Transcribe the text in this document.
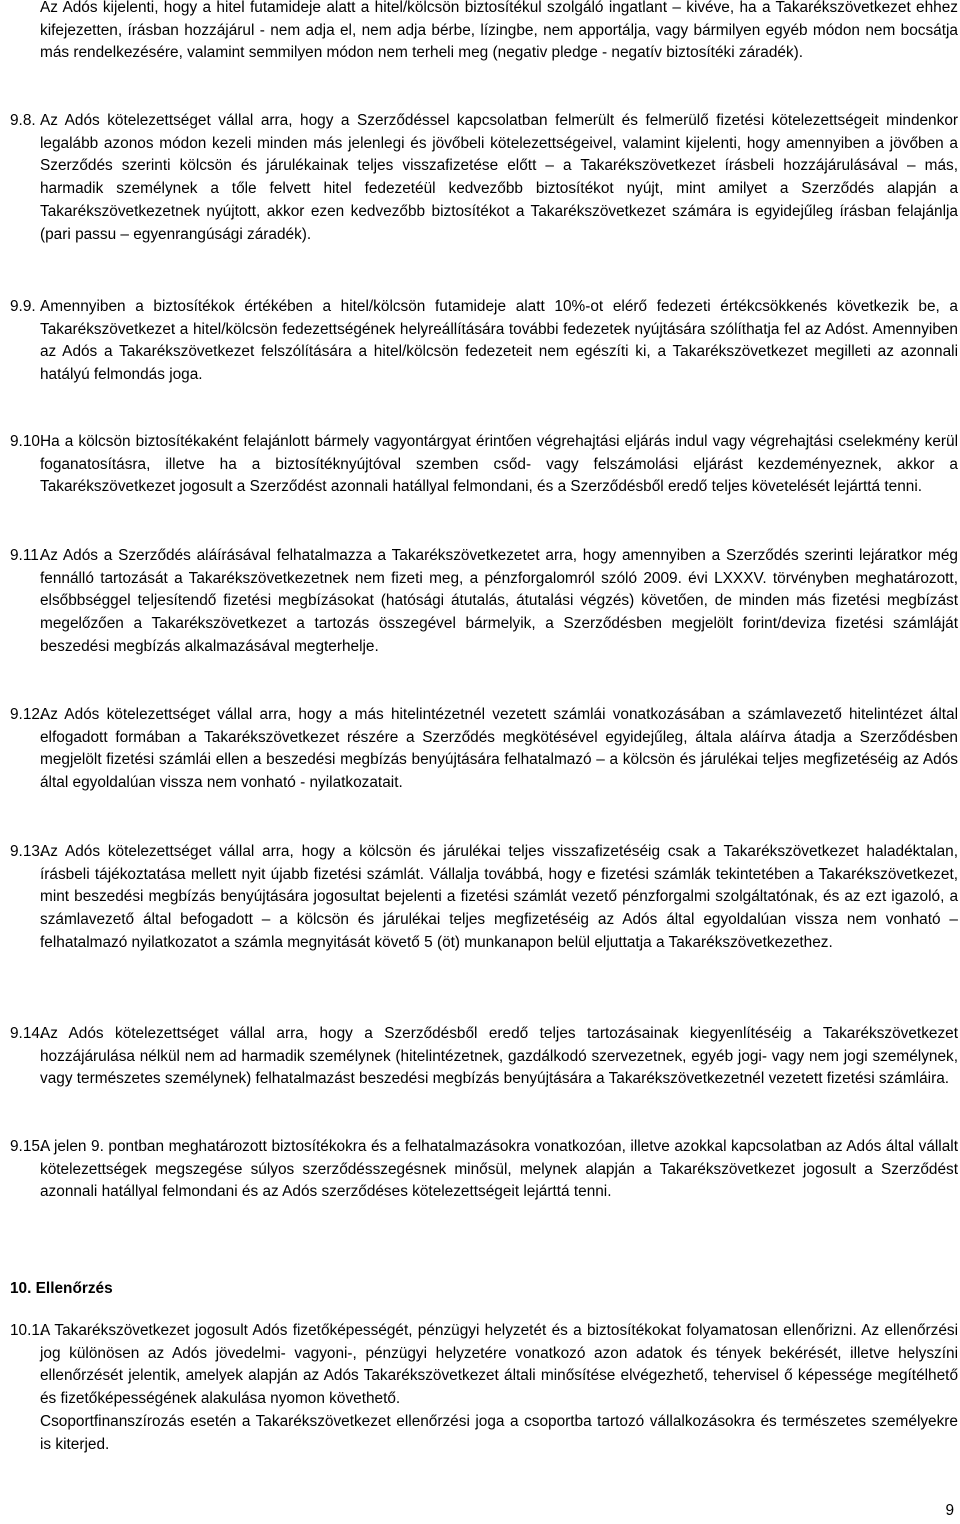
Az Adós kijelenti, hogy a hitel futamideje alatt a hitel/kölcsön biztosítékul szolgáló ingatlant – kivéve, ha a Takarékszövetkezet ehhez kifejezetten, írásban hozzájárul - nem adja el, nem adja bérbe, lízingbe, nem apportálja, vagy bármilyen egyéb módon nem bocsátja más rendelkezésére, valamint semmilyen módon nem terheli meg (negativ pledge - negatív biztosítéki záradék).

9.8. Az Adós kötelezettséget vállal arra, hogy a Szerződéssel kapcsolatban felmerült és felmerülő fizetési kötelezettségeit mindenkor legalább azonos módon kezeli minden más jelenlegi és jövőbeli kötelezettségeivel, valamint kijelenti, hogy amennyiben a jövőben a Szerződés szerinti kölcsön és járulékainak teljes visszafizetése előtt – a Takarékszövetkezet írásbeli hozzájárulásával – más, harmadik személynek a tőle felvett hitel fedezetéül kedvezőbb biztosítékot nyújt, mint amilyet a Szerződés alapján a Takarékszövetkezetnek nyújtott, akkor ezen kedvezőbb biztosítékot a Takarékszövetkezet számára is egyidejűleg írásban felajánlja (pari passu – egyenrangúsági záradék).
9.9. Amennyiben a biztosítékok értékében a hitel/kölcsön futamideje alatt 10%-ot elérő fedezeti értékcsökkenés következik be, a Takarékszövetkezet a hitel/kölcsön fedezettségének helyreállítására további fedezetek nyújtására szólíthatja fel az Adóst. Amennyiben az Adós a Takarékszövetkezet felszólítására a hitel/kölcsön fedezeteit nem egészíti ki, a Takarékszövetkezet megilleti az azonnali hatályú felmondás joga.
9.10.
Ha a kölcsön biztosítékaként felajánlott bármely vagyontárgyat érintően végrehajtási eljárás indul vagy végrehajtási cselekmény kerül foganatosításra, illetve ha a biztosítéknyújtóval szemben csőd- vagy felszámolási eljárást kezdeményeznek, akkor a Takarékszövetkezet jogosult a Szerződést azonnali hatállyal felmondani, és a Szerződésből eredő teljes követelését lejárttá tenni.
9.11.
Az Adós a Szerződés aláírásával felhatalmazza a Takarékszövetkezetet arra, hogy amennyiben a Szerződés szerinti lejáratkor még fennálló tartozását a Takarékszövetkezetnek nem fizeti meg, a pénzforgalomról szóló 2009. évi LXXXV. törvényben meghatározott, elsőbbséggel teljesítendő fizetési megbízásokat (hatósági átutalás, átutalási végzés) követően, de minden más fizetési megbízást megelőzően a Takarékszövetkezet a tartozás összegével bármelyik, a Szerződésben megjelölt forint/deviza fizetési számláját beszedési megbízás alkalmazásával megterhelje.
9.12.
Az Adós kötelezettséget vállal arra, hogy a más hitelintézetnél vezetett számlái vonatkozásában a számlavezető hitelintézet által elfogadott formában a Takarékszövetkezet részére a Szerződés megkötésével egyidejűleg, általa aláírva átadja a Szerződésben megjelölt fizetési számlái ellen a beszedési megbízás benyújtására felhatalmazó – a kölcsön és járulékai teljes megfizetéséig az Adós által egyoldalúan vissza nem vonható - nyilatkozatait.
9.13.
Az Adós kötelezettséget vállal arra, hogy a kölcsön és járulékai teljes visszafizetéséig csak a Takarékszövetkezet haladéktalan, írásbeli tájékoztatása mellett nyit újabb fizetési számlát. Vállalja továbbá, hogy e fizetési számlák tekintetében a Takarékszövetkezet, mint beszedési megbízás benyújtására jogosultat bejelenti a fizetési számlát vezető pénzforgalmi szolgáltatónak, és az ezt igazoló, a számlavezető által befogadott – a kölcsön és járulékai teljes megfizetéséig az Adós által egyoldalúan vissza nem vonható – felhatalmazó nyilatkozatot a számla megnyitását követő 5 (öt) munkanapon belül eljuttatja a Takarékszövetkezethez.
9.14.
Az Adós kötelezettséget vállal arra, hogy a Szerződésből eredő teljes tartozásainak kiegyenlítéséig a Takarékszövetkezet hozzájárulása nélkül nem ad harmadik személynek (hitelintézetnek, gazdálkodó szervezetnek, egyéb jogi- vagy nem jogi személynek, vagy természetes személynek) felhatalmazást beszedési megbízás benyújtására a Takarékszövetkezetnél vezetett fizetési számláira.
9.15.
A jelen 9. pontban meghatározott biztosítékokra és a felhatalmazásokra vonatkozóan, illetve azokkal kapcsolatban az Adós által vállalt kötelezettségek megszegése súlyos szerződésszegésnek minősül, melynek alapján a Takarékszövetkezet jogosult a Szerződést azonnali hatállyal felmondani és az Adós szerződéses kötelezettségeit lejárttá tenni.

10. Ellenőrzés

10.1.
A Takarékszövetkezet jogosult Adós fizetőképességét, pénzügyi helyzetét és a biztosítékokat folyamatosan ellenőrizni. Az ellenőrzési jog különösen az Adós jövedelmi- vagyoni-, pénzügyi helyzetére vonatkozó azon adatok és tények bekérését, illetve helyszíni ellenőrzését jelentik, amelyek alapján az Adós Takarékszövetkezet általi minősítése elvégezhető, tehervisel ő képessége megítélhető és fizetőképességének alakulása nyomon követhető.
Csoportfinanszírozás esetén a Takarékszövetkezet ellenőrzési joga a csoportba tartozó vállalkozásokra és természetes személyekre is kiterjed.
9
